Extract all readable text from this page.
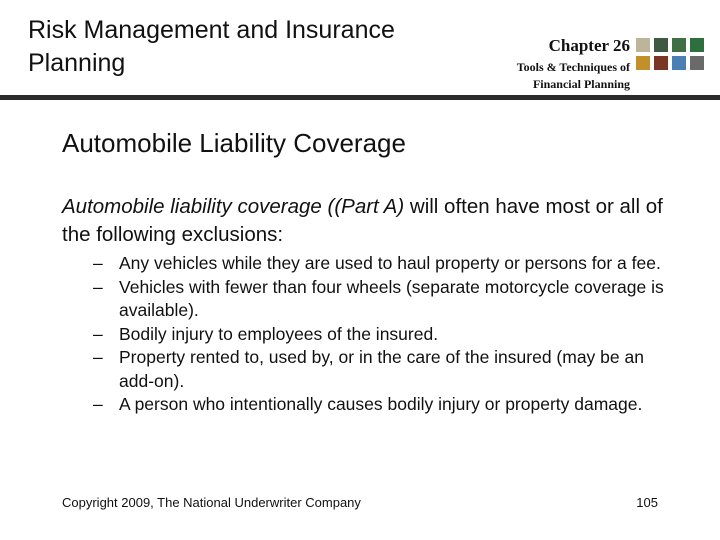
Risk Management and Insurance Planning
Chapter 26
Tools & Techniques of
Financial Planning
Automobile Liability Coverage
Automobile liability coverage ((Part A) will often have most or all of the following exclusions:
– Any vehicles while they are used to haul property or persons for a fee.
– Vehicles with fewer than four wheels (separate motorcycle coverage is available).
– Bodily injury to employees of the insured.
– Property rented to, used by, or in the care of the insured (may be an add-on).
– A person who intentionally causes bodily injury or property damage.
Copyright 2009, The National Underwriter Company	105
